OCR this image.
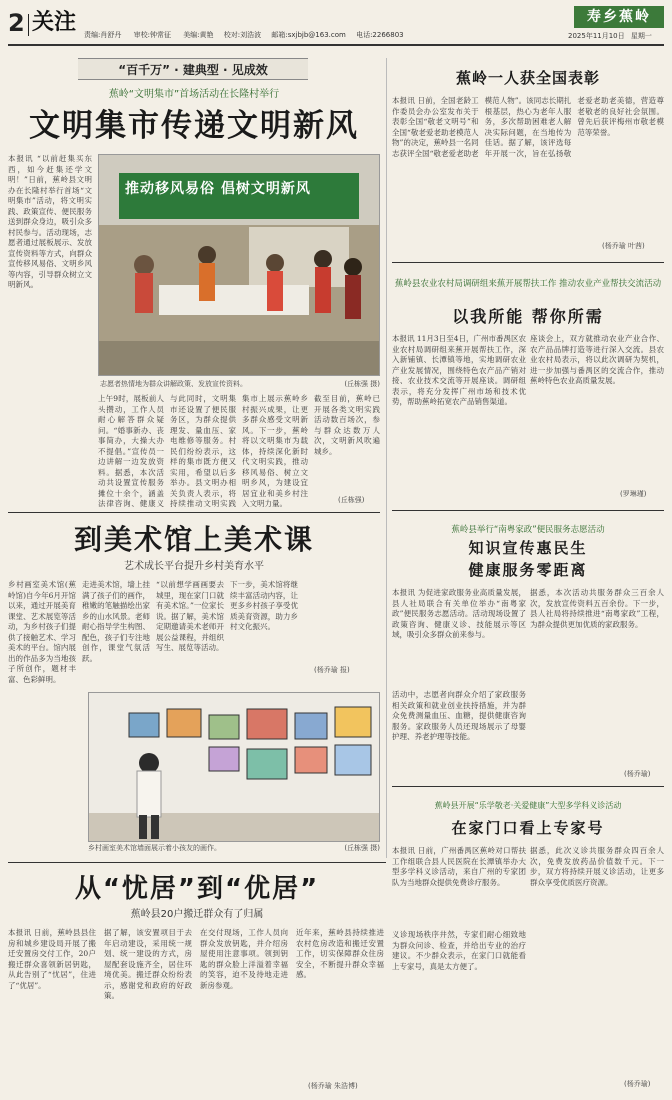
2 关注 责编:肖舒丹 审校:钟常征 美编:黄艳 校对:刘浩波 邮箱:sxjbjb@163.com 电话:2266803
寿乡蕉岭
2025年11月10日 星期一
“百千万” · 建典型 · 见成效
蕉岭“文明集市”首场活动在长隆村举行
文明集市传递文明新风
本报讯 “以前赶集买东西，如今赶集还学文明！”日前，蕉岭县文明办在长隆村举行首场“文明集市”活动，将文明实践、政策宣传、便民服务送到群众身边，吸引众多村民参与。活动现场，志愿者通过展板展示、发放宣传资料等方式，向群众宣传移风易俗、文明乡风等内容，引导群众树立文明新风。
推动移风易俗 倡树文明新风
志愿者热情地为群众讲解政策、发放宣传资料。	(丘栋强 摄)
上午9时，展板前人头攒动，工作人员耐心解答群众疑问。“婚事新办、丧事简办，大操大办不提倡。”宣传员一边讲解一边发放资料。据悉，本次活动共设置宣传服务摊位十余个，涵盖法律咨询、健康义
与此同时，文明集市还设置了便民服务区，为群众提供理发、量血压、家电维修等服务。村民们纷纷表示，这样的集市既方便又实用，希望以后多举办。县文明办相关负责人表示，将持续推动文明实践
集市上展示蕉岭乡村振兴成果，让更多群众感受文明新风。下一步，蕉岭将以文明集市为载体，持续深化新时代文明实践，推动移风易俗、树立文明乡风，为建设宜居宜业和美乡村注入文明力量。
截至目前，蕉岭已开展各类文明实践活动数百场次，参与群众达数万人次，文明新风吹遍城乡。
(丘栋强)
到美术馆上美术课
艺术成长平台提升乡村美育水平
乡村画室美术馆(蕉岭馆)自今年6月开馆以来，通过开展美育课堂、艺术展览等活动，为乡村孩子们提供了接触艺术、学习美术的平台。馆内展出的作品多为当地孩子所创作，题材丰富、色彩鲜明。
走进美术馆，墙上挂满了孩子们的画作，稚嫩的笔触描绘出家乡的山水风景。老师耐心指导学生构图、配色，孩子们专注地创作，课堂气氛活跃。
“以前想学画画要去城里，现在家门口就有美术馆。”一位家长说。据了解，美术馆定期邀请美术老师开展公益课程，并组织写生、展览等活动。
下一步，美术馆将继续丰富活动内容，让更多乡村孩子享受优质美育资源，助力乡村文化振兴。
(杨乔瑜 报)
乡村画室美术馆墙面展示着小孩友的画作。	(丘栋强 摄)
蕉岭一人获全国表彰
本报讯 日前，全国老龄工作委员会办公室发布关于表彰全国“敬老文明号”和全国“敬老爱老助老模范人物”的决定，蕉岭县一名同志获评全国“敬老爱老助老模范人物”。该同志长期扎根基层，热心为老年人服务，多次帮助困难老人解决实际问题，在当地传为佳话。据了解，该评选每年开展一次，旨在弘扬敬老爱老助老美德，营造尊老敬老的良好社会氛围。曾先后获评梅州市敬老模范等荣誉。
(杨乔瑜 叶茜)
蕉岭县农业农村局调研组来蕉开展帮扶工作 推动农业产业帮扶交流活动
以我所能 帮你所需
本报讯 11月3日至4日，广州市番禺区农业农村局调研组来蕉开展帮扶工作，深入新铺镇、长潭镇等地，实地调研农业产业发展情况，围绕特色农产品产销对接、农业技术交流等开展座谈。调研组表示，将充分发挥广州市场和技术优势，帮助蕉岭拓宽农产品销售渠道。
座谈会上，双方就推动农业产业合作、农产品品牌打造等进行深入交流。县农业农村局表示，将以此次调研为契机，进一步加强与番禺区的交流合作，推动蕉岭特色农业高质量发展。
(罗琳瑾)
蕉岭县举行“南粤家政”便民服务志愿活动
知识宣传惠民生
健康服务零距离
本报讯 为促进家政服务业高质量发展，县人社局联合有关单位举办“南粤家政”便民服务志愿活动。活动现场设置了政策咨询、健康义诊、技能展示等区域，吸引众多群众前来参与。
活动中，志愿者向群众介绍了家政服务相关政策和就业创业扶持措施，并为群众免费测量血压、血糖，提供健康咨询服务。家政服务人员还现场展示了母婴护理、养老护理等技能。
据悉，本次活动共服务群众三百余人次，发放宣传资料五百余份。下一步，县人社局将持续推进“南粤家政”工程，为群众提供更加优质的家政服务。
(杨乔瑜)
蕉岭县开展“乐学敬老·关爱健康”大型多学科义诊活动
在家门口看上专家号
本报讯 日前，广州番禺区蕉岭对口帮扶工作组联合县人民医院在长潭镇举办大型多学科义诊活动，来自广州的专家团队为当地群众提供免费诊疗服务。
义诊现场秩序井然，专家们耐心细致地为群众问诊、检查，并给出专业的治疗建议。不少群众表示，在家门口就能看上专家号，真是太方便了。
据悉，此次义诊共服务群众四百余人次，免费发放药品价值数千元。下一步，双方将持续开展义诊活动，让更多群众享受优质医疗资源。
(杨乔瑜)
从“忧居”到“优居”
蕉岭县20户搬迁群众有了归属
本报讯 日前，蕉岭县县住房和城乡建设局开展了搬迁安置房交付工作，20户搬迁群众喜领新居钥匙，从此告别了“忧居”，住进了“优居”。
据了解，该安置项目于去年启动建设，采用统一规划、统一建设的方式，房屋配套设施齐全，居住环境优美。搬迁群众纷纷表示，感谢党和政府的好政策。
在交付现场，工作人员向群众发放钥匙，并介绍房屋使用注意事项。领到钥匙的群众脸上洋溢着幸福的笑容，迫不及待地走进新房参观。
近年来，蕉岭县持续推进农村危房改造和搬迁安置工作，切实保障群众住房安全，不断提升群众幸福感。
(杨乔瑜 朱浩博)
